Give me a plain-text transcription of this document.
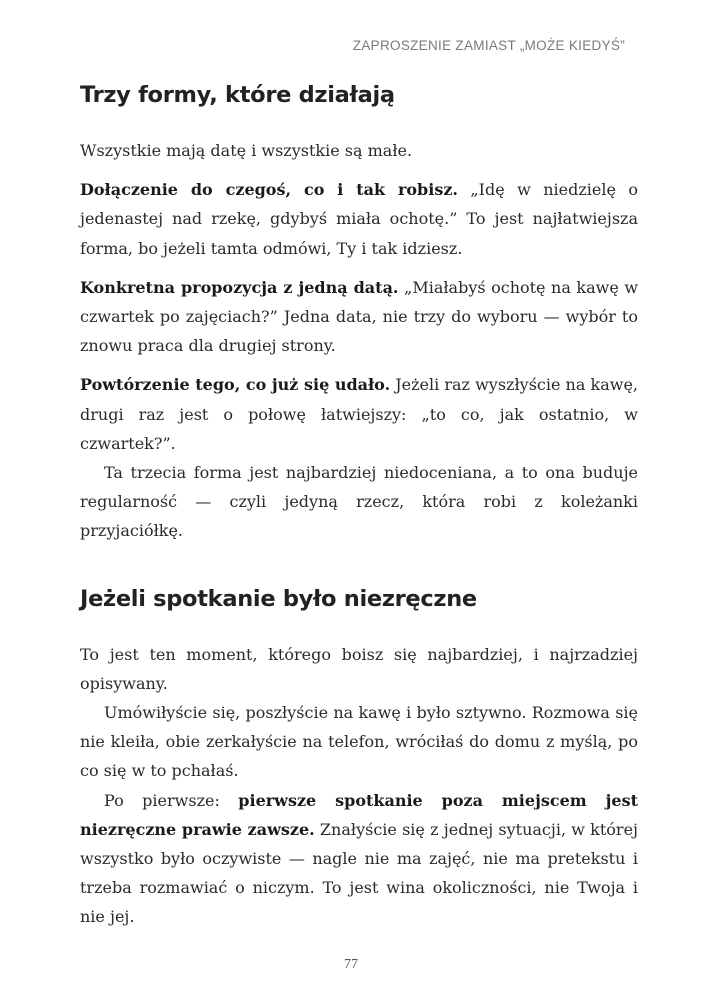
ZAPROSZENIE ZAMIAST „MOŻE KIEDYŚ”
Trzy formy, które działają

Wszystkie mają datę i wszystkie są małe.

Dołączenie do czegoś, co i tak robisz. „Idę w niedzielę o jedenastej nad rzekę, gdybyś miała ochotę.” To jest najłatwiejsza forma, bo jeżeli tamta odmówi, Ty i tak idziesz.

Konkretna propozycja z jedną datą. „Miałabyś ochotę na kawę w czwartek po zajęciach?” Jedna data, nie trzy do wyboru — wybór to znowu praca dla drugiej strony.

Powtórzenie tego, co już się udało. Jeżeli raz wyszłyście na kawę, drugi raz jest o połowę łatwiejszy: „to co, jak ostatnio, w czwartek?”.

Ta trzecia forma jest najbardziej niedoceniana, a to ona buduje regularność — czyli jedyną rzecz, która robi z koleżanki przyjaciółkę.

Jeżeli spotkanie było niezręczne

To jest ten moment, którego boisz się najbardziej, i najrzadziej opisywany.

Umówiłyście się, poszłyście na kawę i było sztywno. Rozmowa się nie kleiła, obie zerkałyście na telefon, wróciłaś do domu z myślą, po co się w to pchałaś.

Po pierwsze: pierwsze spotkanie poza miejscem jest niezręczne prawie zawsze. Znałyście się z jednej sytuacji, w której wszystko było oczywiste — nagle nie ma zajęć, nie ma pretekstu i trzeba rozmawiać o niczym. To jest wina okoliczności, nie Twoja i nie jej.

77
